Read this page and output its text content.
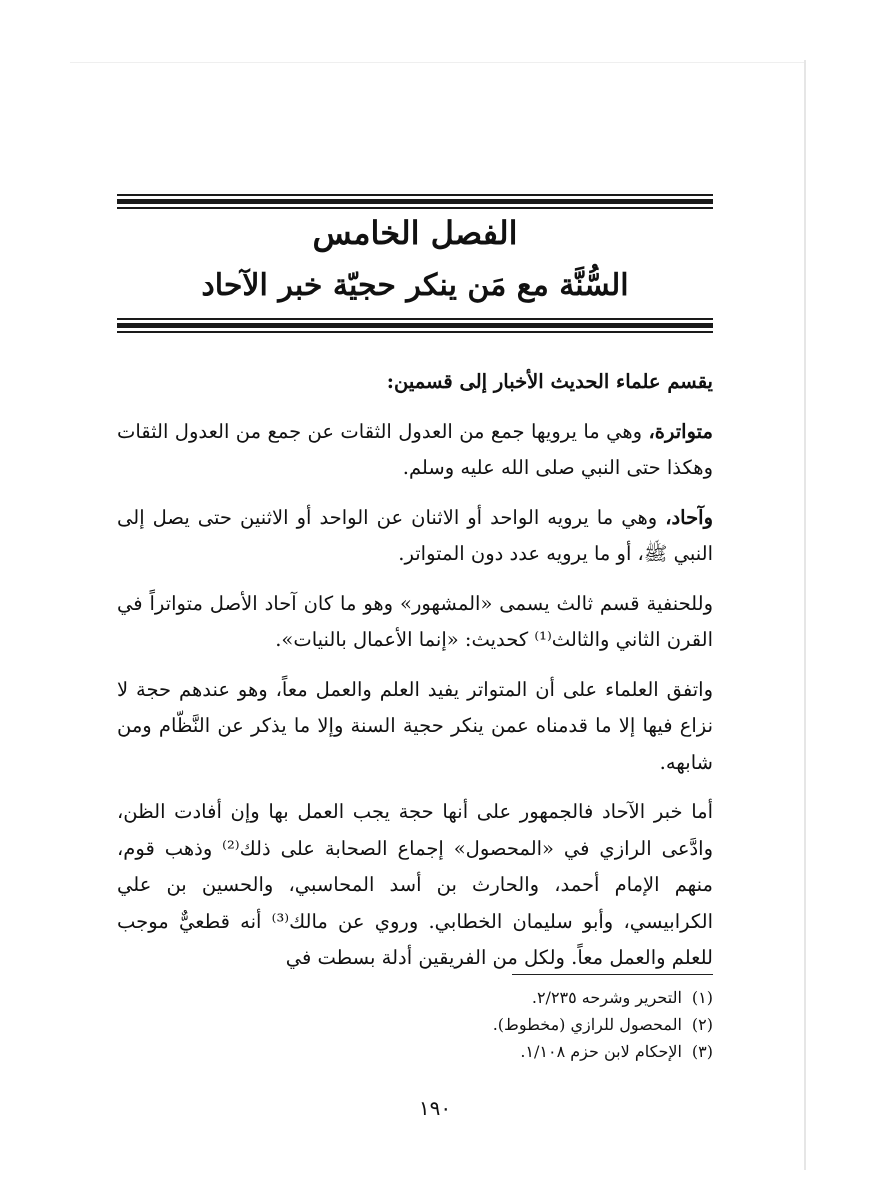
الفصل الخامس
السُّنَّة مع مَن ينكر حجيّة خبر الآحاد

يقسم علماء الحديث الأخبار إلى قسمين:

متواترة، وهي ما يرويها جمع من العدول الثقات عن جمع من العدول الثقات وهكذا حتى النبي صلى الله عليه وسلم.

وآحاد، وهي ما يرويه الواحد أو الاثنان عن الواحد أو الاثنين حتى يصل إلى النبي ﷺ، أو ما يرويه عدد دون المتواتر.

وللحنفية قسم ثالث يسمى «المشهور» وهو ما كان آحاد الأصل متواتراً في القرن الثاني والثالث⁽¹⁾ كحديث: «إنما الأعمال بالنيات».

واتفق العلماء على أن المتواتر يفيد العلم والعمل معاً، وهو عندهم حجة لا نزاع فيها إلا ما قدمناه عمن ينكر حجية السنة وإلا ما يذكر عن النَّظّام ومن شابهه.

أما خبر الآحاد فالجمهور على أنها حجة يجب العمل بها وإن أفادت الظن، وادَّعى الرازي في «المحصول» إجماع الصحابة على ذلك⁽²⁾ وذهب قوم، منهم الإمام أحمد، والحارث بن أسد المحاسبي، والحسين بن علي الكرابيسي، وأبو سليمان الخطابي. وروي عن مالك⁽³⁾ أنه قطعيٌّ موجب للعلم والعمل معاً. ولكل من الفريقين أدلة بسطت في

(١)التحرير وشرحه ٢/٢٣٥.
(٢)المحصول للرازي (مخطوط).
(٣)الإحكام لابن حزم ١/١٠٨.
١٩٠
